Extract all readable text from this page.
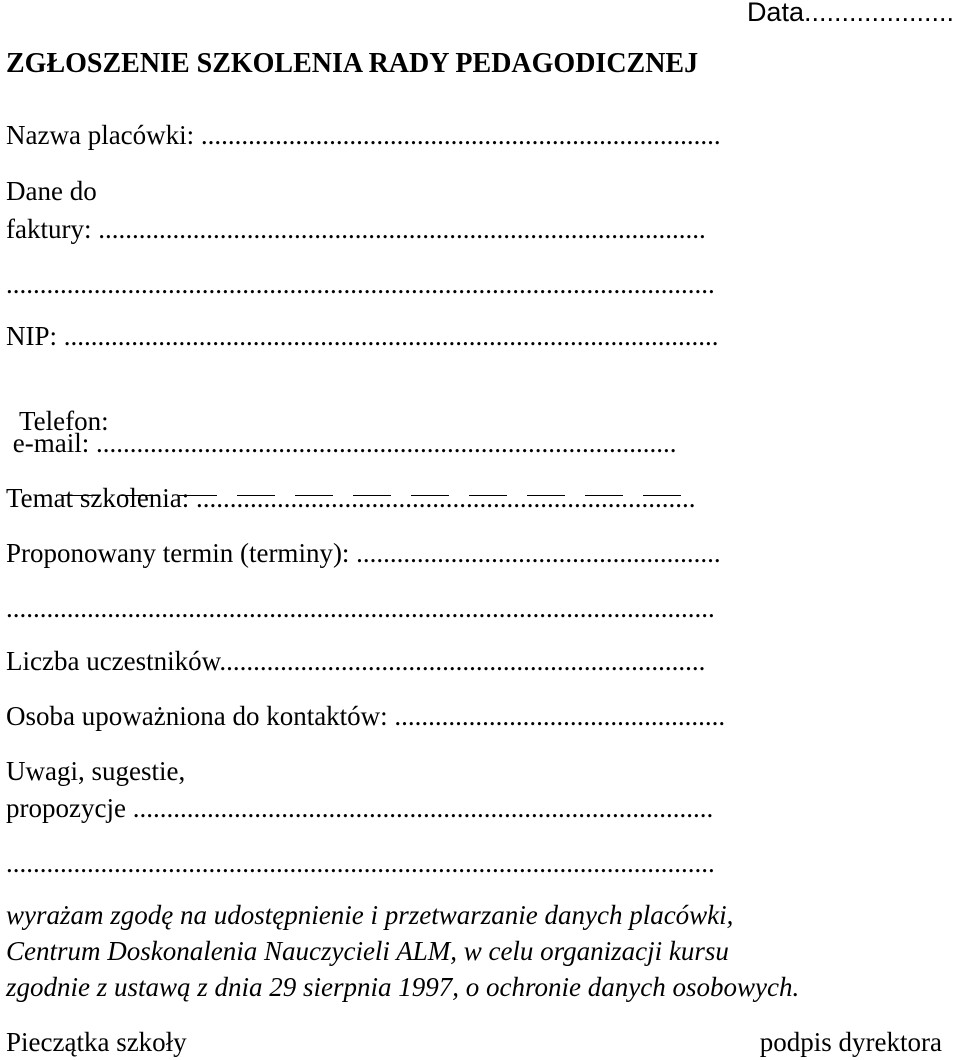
Data....................
ZGŁOSZENIE SZKOLENIA RADY PEDAGODICZNEJ
Nazwa placówki: .............................................................................
Dane do
faktury: ..........................................................................................
.........................................................................................................
NIP: .................................................................................................

Telefon:

e-mail: ......................................................................................
Temat szkolenia: ..........................................................................
Proponowany termin (terminy): ......................................................
.........................................................................................................
Liczba uczestników........................................................................
Osoba upoważniona do kontaktów: .................................................
Uwagi, sugestie,
propozycje ......................................................................................
.........................................................................................................
wyrażam zgodę na udostępnienie i przetwarzanie danych placówki,
Centrum Doskonalenia Nauczycieli ALM, w celu organizacji kursu
zgodnie z ustawą z dnia 29 sierpnia 1997, o ochronie danych osobowych.
Pieczątka szkoły	podpis dyrektora
